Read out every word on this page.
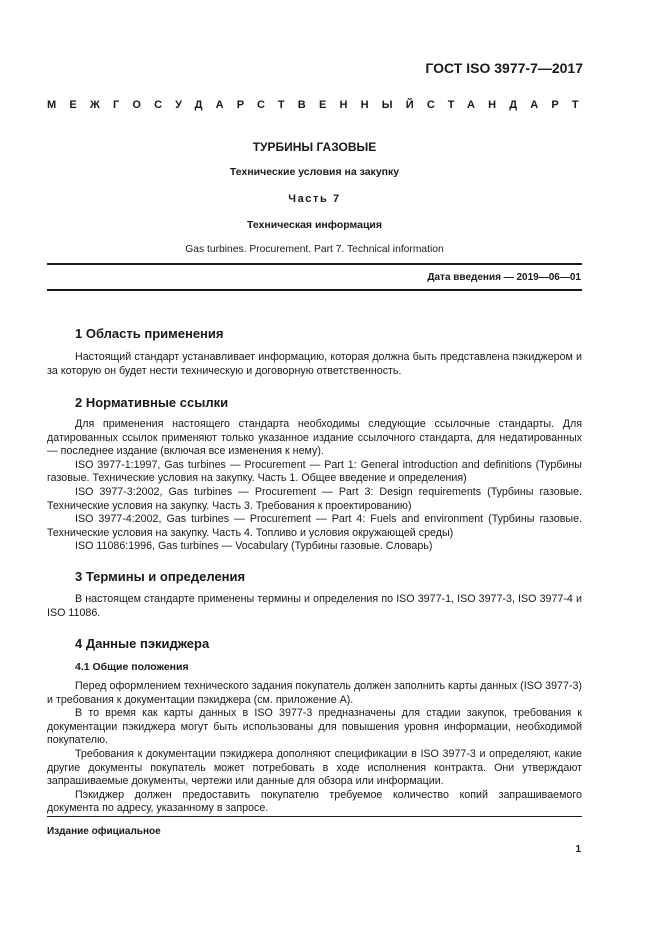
ГОСТ ISO 3977-7—2017
МЕЖГОСУДАРСТВЕННЫЙ СТАНДАРТ
ТУРБИНЫ ГАЗОВЫЕ
Технические условия на закупку
Часть 7
Техническая информация
Gas turbines. Procurement. Part 7. Technical information
Дата введения — 2019—06—01
1 Область применения

Настоящий стандарт устанавливает информацию, которая должна быть представлена пэкиджером и за которую он будет нести техническую и договорную ответственность.

2 Нормативные ссылки

Для применения настоящего стандарта необходимы следующие ссылочные стандарты. Для датированных ссылок применяют только указанное издание ссылочного стандарта, для недатированных — последнее издание (включая все изменения к нему).

ISO 3977-1:1997, Gas turbines — Procurement — Part 1: General introduction and definitions (Турбины газовые. Технические условия на закупку. Часть 1. Общее введение и определения)

ISO 3977-3:2002, Gas turbines — Procurement — Part 3: Design requirements (Турбины газовые. Технические условия на закупку. Часть 3. Требования к проектированию)

ISO 3977-4:2002, Gas turbines — Procurement — Part 4: Fuels and environment (Турбины газовые. Технические условия на закупку. Часть 4. Топливо и условия окружающей среды)

ISO 11086:1996, Gas turbines — Vocabulary (Турбины газовые. Словарь)

3 Термины и определения

В настоящем стандарте применены термины и определения по ISO 3977-1, ISO 3977-3, ISO 3977-4 и ISO 11086.

4 Данные пэкиджера
4.1 Общие положения

Перед оформлением технического задания покупатель должен заполнить карты данных (ISO 3977-3) и требования к документации пэкиджера (см. приложение А).

В то время как карты данных в ISO 3977-3 предназначены для стадии закупок, требования к документации пэкиджера могут быть использованы для повышения уровня информации, необходимой покупателю.

Требования к документации пэкиджера дополняют спецификации в ISO 3977-3 и определяют, какие другие документы покупатель может потребовать в ходе исполнения контракта. Они утверждают запрашиваемые документы, чертежи или данные для обзора или информации.

Пэкиджер должен предоставить покупателю требуемое количество копий запрашиваемого документа по адресу, указанному в запросе.

Издание официальное
1
